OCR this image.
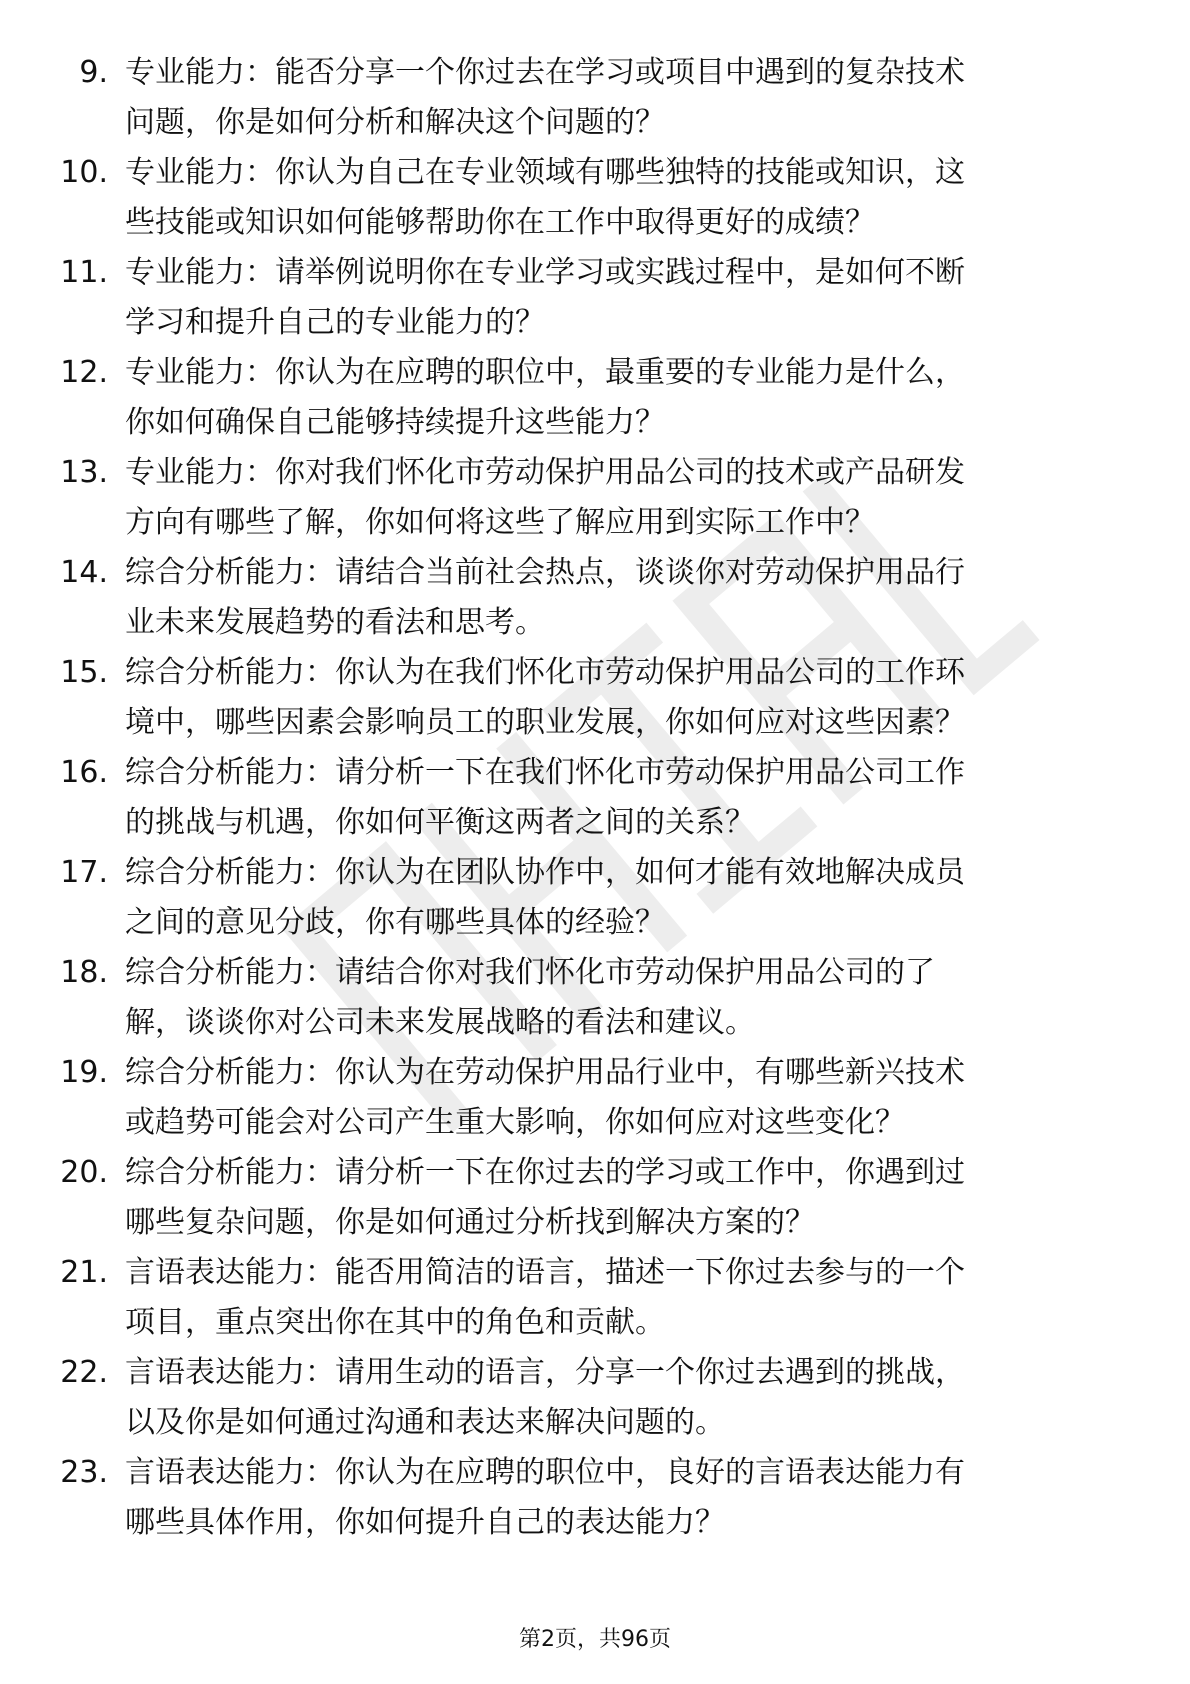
9. 专业能力：能否分享一个你过去在学习或项目中遇到的复杂技术
问题，你是如何分析和解决这个问题的？
10. 专业能力：你认为自己在专业领域有哪些独特的技能或知识，这
些技能或知识如何能够帮助你在工作中取得更好的成绩？
11. 专业能力：请举例说明你在专业学习或实践过程中，是如何不断
学习和提升自己的专业能力的？
12. 专业能力：你认为在应聘的职位中，最重要的专业能力是什么，
你如何确保自己能够持续提升这些能力？
13. 专业能力：你对我们怀化市劳动保护用品公司的技术或产品研发
方向有哪些了解，你如何将这些了解应用到实际工作中？
14. 综合分析能力：请结合当前社会热点，谈谈你对劳动保护用品行
业未来发展趋势的看法和思考。
15. 综合分析能力：你认为在我们怀化市劳动保护用品公司的工作环
境中，哪些因素会影响员工的职业发展，你如何应对这些因素？
16. 综合分析能力：请分析一下在我们怀化市劳动保护用品公司工作
的挑战与机遇，你如何平衡这两者之间的关系？
17. 综合分析能力：你认为在团队协作中，如何才能有效地解决成员
之间的意见分歧，你有哪些具体的经验？
18. 综合分析能力：请结合你对我们怀化市劳动保护用品公司的了
解，谈谈你对公司未来发展战略的看法和建议。
19. 综合分析能力：你认为在劳动保护用品行业中，有哪些新兴技术
或趋势可能会对公司产生重大影响，你如何应对这些变化？
20. 综合分析能力：请分析一下在你过去的学习或工作中，你遇到过
哪些复杂问题，你是如何通过分析找到解决方案的？
21. 言语表达能力：能否用简洁的语言，描述一下你过去参与的一个
项目，重点突出你在其中的角色和贡献。
22. 言语表达能力：请用生动的语言，分享一个你过去遇到的挑战，
以及你是如何通过沟通和表达来解决问题的。
23. 言语表达能力：你认为在应聘的职位中，良好的言语表达能力有
哪些具体作用，你如何提升自己的表达能力？
第2页，共96页
